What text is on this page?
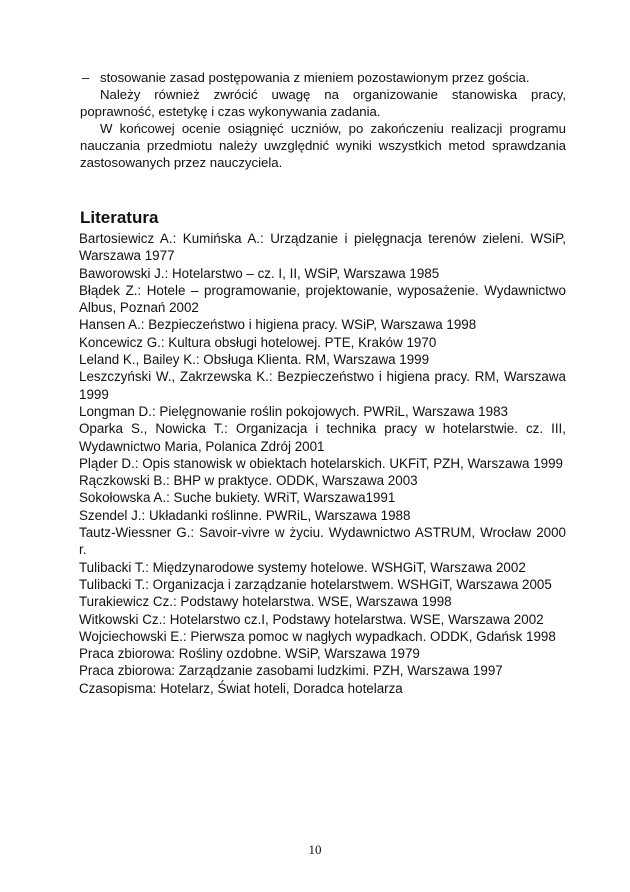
– stosowanie zasad postępowania z mieniem pozostawionym przez gościa.

Należy również zwrócić uwagę na organizowanie stanowiska pracy, poprawność, estetykę i czas wykonywania zadania.

W końcowej ocenie osiągnięć uczniów, po zakończeniu realizacji programu nauczania przedmiotu należy uwzględnić wyniki wszystkich metod sprawdzania zastosowanych przez nauczyciela.

Literatura
Bartosiewicz A.: Kumińska A.: Urządzanie i pielęgnacja terenów zieleni. WSiP, Warszawa 1977
Baworowski J.: Hotelarstwo – cz. I, II, WSiP, Warszawa 1985
Błądek Z.: Hotele – programowanie, projektowanie, wyposażenie. Wydawnictwo Albus, Poznań 2002
Hansen A.: Bezpieczeństwo i higiena pracy. WSiP, Warszawa 1998
Koncewicz G.: Kultura obsługi hotelowej. PTE, Kraków 1970
Leland K., Bailey K.: Obsługa Klienta. RM, Warszawa 1999
Leszczyński W., Zakrzewska K.: Bezpieczeństwo i higiena pracy. RM, Warszawa 1999
Longman D.: Pielęgnowanie roślin pokojowych. PWRiL, Warszawa 1983
Oparka S., Nowicka T.: Organizacja i technika pracy w hotelarstwie. cz. III, Wydawnictwo Maria, Polanica Zdrój 2001
Pląder D.: Opis stanowisk w obiektach hotelarskich. UKFiT, PZH, Warszawa 1999
Rączkowski B.: BHP w praktyce. ODDK, Warszawa 2003
Sokołowska A.: Suche bukiety. WRiT, Warszawa1991
Szendel J.: Układanki roślinne. PWRiL, Warszawa 1988
Tautz-Wiessner G.: Savoir-vivre w życiu. Wydawnictwo ASTRUM, Wrocław 2000 r.
Tulibacki T.: Międzynarodowe systemy hotelowe. WSHGiT, Warszawa 2002
Tulibacki T.: Organizacja i zarządzanie hotelarstwem. WSHGiT, Warszawa 2005
Turakiewicz Cz.: Podstawy hotelarstwa. WSE, Warszawa 1998
Witkowski Cz.: Hotelarstwo cz.I, Podstawy hotelarstwa. WSE, Warszawa 2002
Wojciechowski E.: Pierwsza pomoc w nagłych wypadkach. ODDK, Gdańsk 1998
Praca zbiorowa: Rośliny ozdobne. WSiP, Warszawa 1979
Praca zbiorowa: Zarządzanie zasobami ludzkimi. PZH, Warszawa 1997
Czasopisma: Hotelarz, Świat hoteli, Doradca hotelarza
10
